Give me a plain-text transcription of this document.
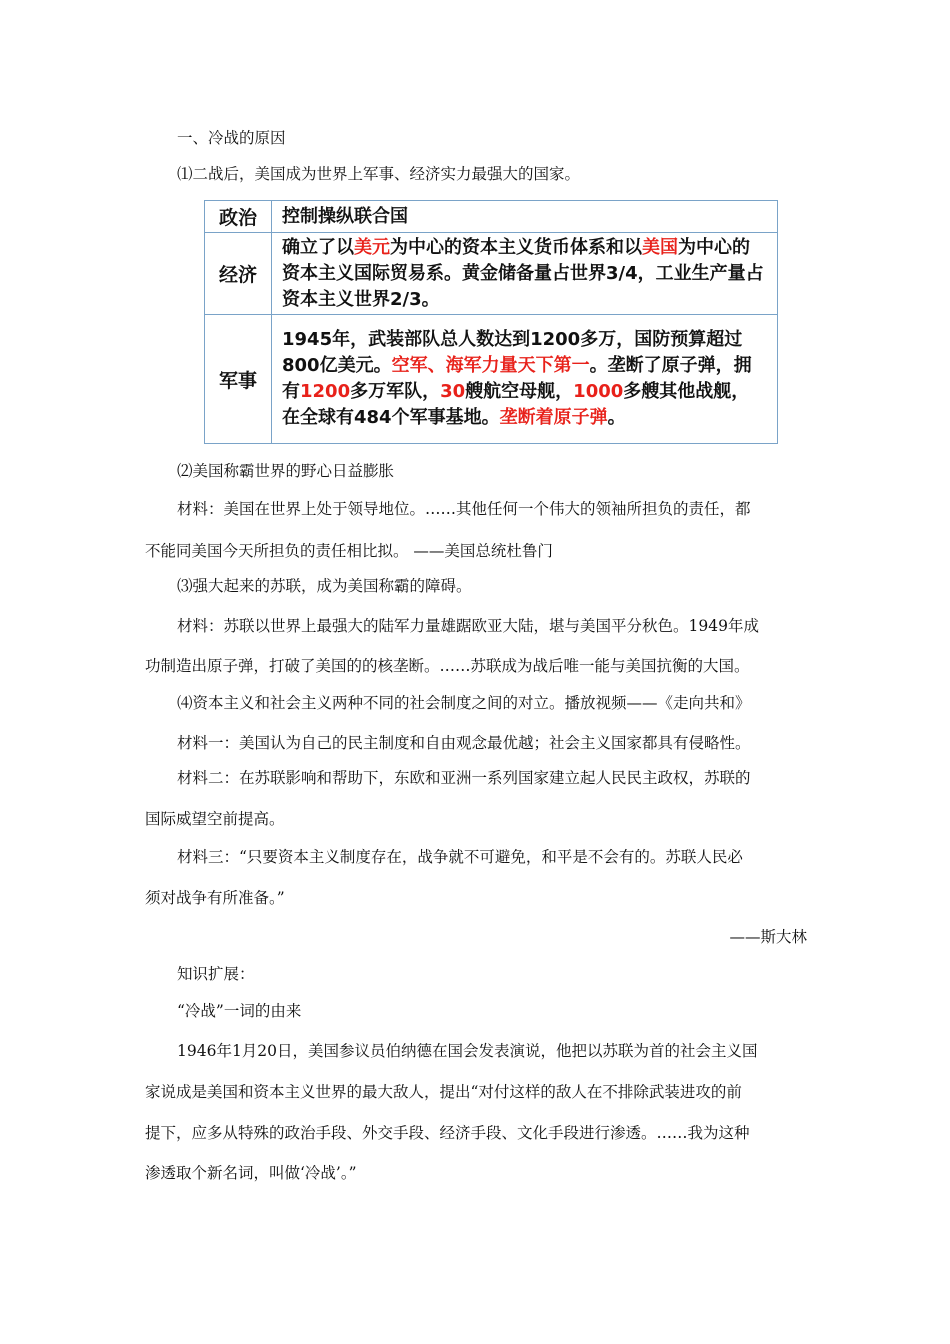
一、冷战的原因
⑴二战后，美国成为世界上军事、经济实力最强大的国家。
政治	控制操纵联合国
经济	确立了以美元为中心的资本主义货币体系和以美国为中心的资本主义国际贸易系。黄金储备量占世界3/4，工业生产量占资本主义世界2/3。
军事	1945年，武装部队总人数达到1200多万，国防预算超过800亿美元。空军、海军力量天下第一。垄断了原子弹，拥有1200多万军队，30艘航空母舰，1000多艘其他战舰，在全球有484个军事基地。垄断着原子弹。
⑵美国称霸世界的野心日益膨胀
材料：美国在世界上处于领导地位。……其他任何一个伟大的领袖所担负的责任，都
不能同美国今天所担负的责任相比拟。 ——美国总统杜鲁门
⑶强大起来的苏联，成为美国称霸的障碍。
材料：苏联以世界上最强大的陆军力量雄踞欧亚大陆，堪与美国平分秋色。1949年成
功制造出原子弹，打破了美国的的核垄断。……苏联成为战后唯一能与美国抗衡的大国。
⑷资本主义和社会主义两种不同的社会制度之间的对立。播放视频——《走向共和》
材料一：美国认为自己的民主制度和自由观念最优越；社会主义国家都具有侵略性。
材料二：在苏联影响和帮助下，东欧和亚洲一系列国家建立起人民民主政权，苏联的
国际威望空前提高。
材料三：“只要资本主义制度存在，战争就不可避免，和平是不会有的。苏联人民必
须对战争有所准备。”
——斯大林
知识扩展：
“冷战”一词的由来
1946年1月20日，美国参议员伯纳德在国会发表演说，他把以苏联为首的社会主义国
家说成是美国和资本主义世界的最大敌人，提出“对付这样的敌人在不排除武装进攻的前
提下，应多从特殊的政治手段、外交手段、经济手段、文化手段进行渗透。……我为这种
渗透取个新名词，叫做‘冷战’。”
